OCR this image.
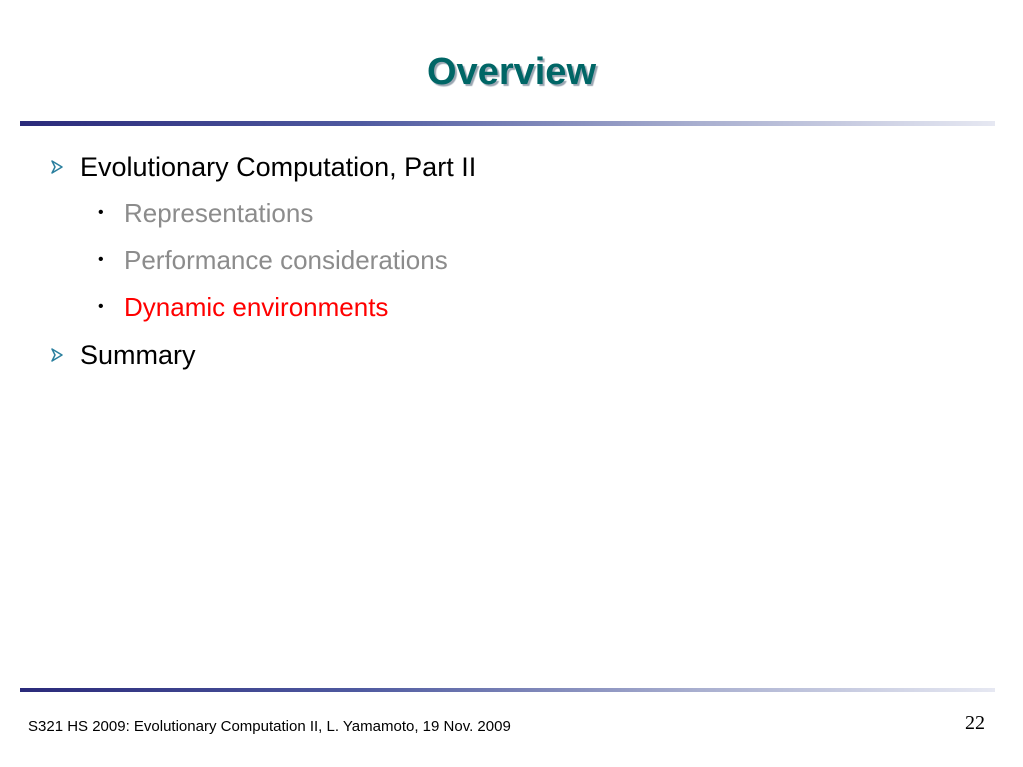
Overview
Evolutionary Computation, Part II
• Representations
• Performance considerations
• Dynamic environments
Summary
S321 HS 2009: Evolutionary Computation II, L. Yamamoto, 19 Nov. 2009	22
